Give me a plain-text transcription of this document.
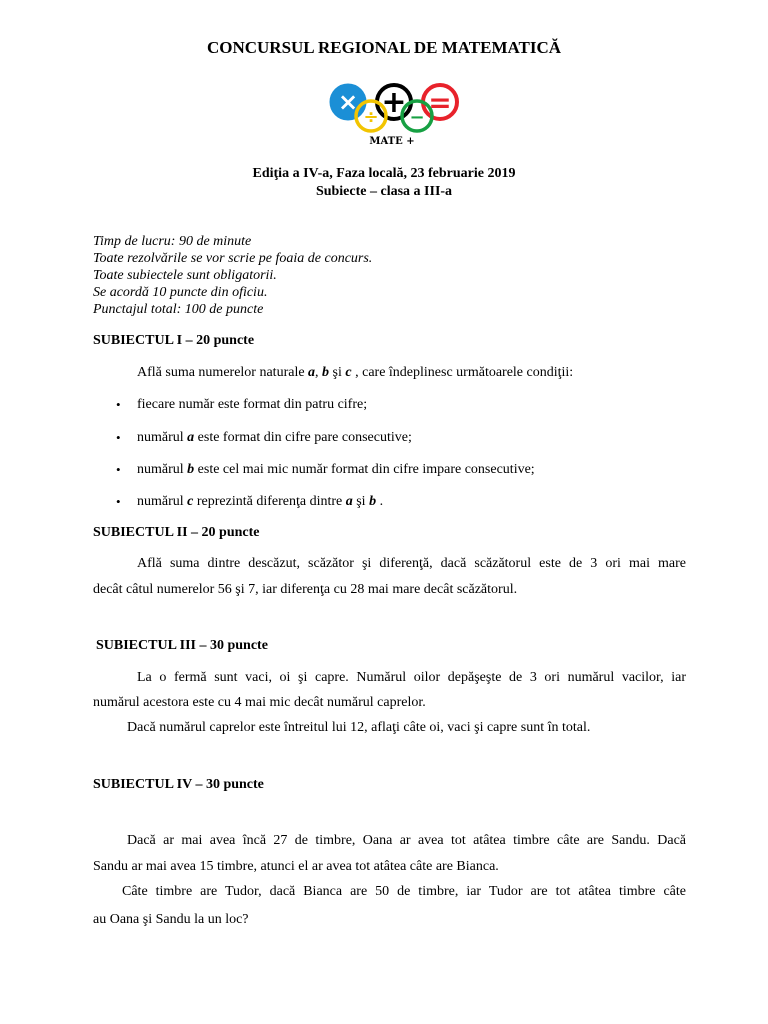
CONCURSUL REGIONAL DE MATEMATICĂ
× + =
÷ −
MATE +
Ediţia a IV-a, Faza locală, 23 februarie 2019
Subiecte – clasa a III-a
Timp de lucru: 90 de minute
Toate rezolvările se vor scrie pe foaia de concurs.
Toate subiectele sunt obligatorii.
Se acordă 10 puncte din oficiu.
Punctajul total: 100 de puncte
SUBIECTUL I – 20 puncte
Află suma numerelor naturale a, b şi c , care îndeplinesc următoarele condiţii:
• fiecare număr este format din patru cifre;
• numărul a este format din cifre pare consecutive;
• numărul b este cel mai mic număr format din cifre impare consecutive;
• numărul c reprezintă diferenţa dintre a şi b .
SUBIECTUL II – 20 puncte
Află suma dintre descăzut, scăzător şi diferenţă, dacă scăzătorul este de 3 ori mai mare
decât câtul numerelor 56 şi 7, iar diferenţa cu 28 mai mare decât scăzătorul.
SUBIECTUL III – 30 puncte
La o fermă sunt vaci, oi şi capre. Numărul oilor depăşeşte de 3 ori numărul vacilor, iar
numărul acestora este cu 4 mai mic decât numărul caprelor.
Dacă numărul caprelor este întreitul lui 12, aflaţi câte oi, vaci şi capre sunt în total.
SUBIECTUL IV – 30 puncte
Dacă ar mai avea încă 27 de timbre, Oana ar avea tot atâtea timbre câte are Sandu. Dacă
Sandu ar mai avea 15 timbre, atunci el ar avea tot atâtea câte are Bianca.
Câte timbre are Tudor, dacă Bianca are 50 de timbre, iar Tudor are tot atâtea timbre câte
au Oana şi Sandu la un loc?
